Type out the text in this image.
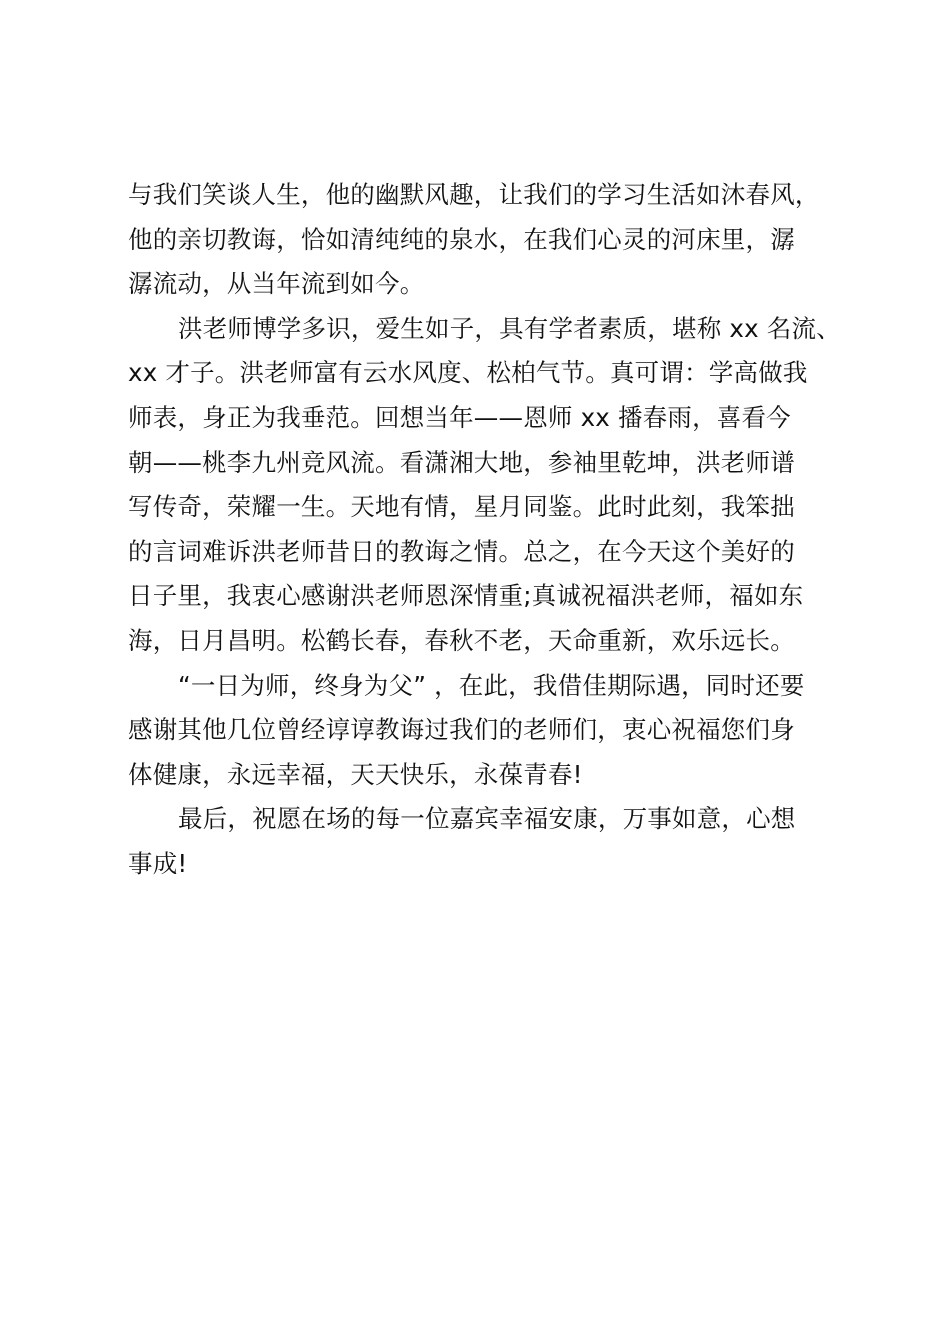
与我们笑谈人生，他的幽默风趣，让我们的学习生活如沐春风，
他的亲切教诲，恰如清纯纯的泉水，在我们心灵的河床里，潺
潺流动，从当年流到如今。
洪老师博学多识，爱生如子，具有学者素质，堪称 xx 名流、
xx 才子。洪老师富有云水风度、松柏气节。真可谓：学高做我
师表，身正为我垂范。回想当年——恩师 xx 播春雨，喜看今
朝——桃李九州竞风流。看潇湘大地，参袖里乾坤，洪老师谱
写传奇，荣耀一生。天地有情，星月同鉴。此时此刻，我笨拙
的言词难诉洪老师昔日的教诲之情。总之，在今天这个美好的
日子里，我衷心感谢洪老师恩深情重;真诚祝福洪老师，福如东
海，日月昌明。松鹤长春，春秋不老，天命重新，欢乐远长。
“一日为师，终身为父” ，在此，我借佳期际遇，同时还要
感谢其他几位曾经谆谆教诲过我们的老师们，衷心祝福您们身
体健康，永远幸福，天天快乐，永葆青春!
最后，祝愿在场的每一位嘉宾幸福安康，万事如意，心想
事成!
